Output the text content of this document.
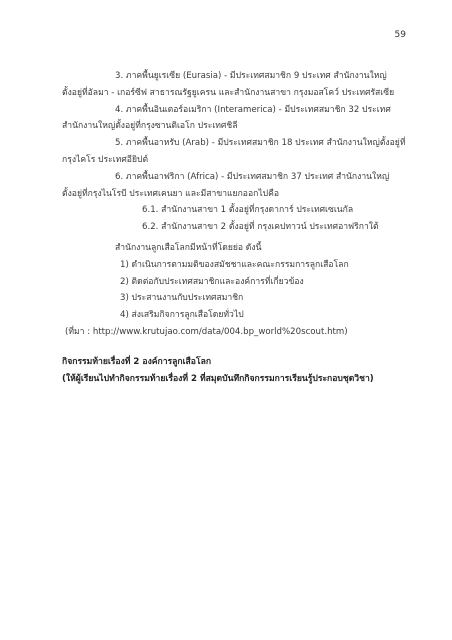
59
3. ภาคพื้นยูเรเซีย (Eurasia) - มีประเทศสมาชิก 9 ประเทศ สำนักงานใหญ่
ตั้งอยู่ที่อัลมา - เกอร์ซีฟ สาธารณรัฐยูเครน และสำนักงานสาขา กรุงมอสโคว์ ประเทศรัสเซีย
4. ภาคพื้นอินเตอร์อเมริกา (Interamerica) - มีประเทศสมาชิก 32 ประเทศ
สำนักงานใหญ่ตั้งอยู่ที่กรุงซานติเอโก ประเทศชิลี
5. ภาคพื้นอาหรับ (Arab) - มีประเทศสมาชิก 18 ประเทศ สำนักงานใหญ่ตั้งอยู่ที่
กรุงไคโร ประเทศอียิปต์
6. ภาคพื้นอาฟริกา (Africa) - มีประเทศสมาชิก 37 ประเทศ สำนักงานใหญ่
ตั้งอยู่ที่กรุงไนโรบี ประเทศเคนยา และมีสาขาแยกออกไปคือ
6.1. สำนักงานสาขา 1 ตั้งอยู่ที่กรุงดาการ์ ประเทศเซเนกัล
6.2. สำนักงานสาขา 2 ตั้งอยู่ที่ กรุงเคปทาวน์ ประเทศอาฟริกาใต้
สำนักงานลูกเสือโลกมีหน้าที่โดยย่อ ดังนี้
1) ดำเนินการตามมติของสมัชชาและคณะกรรมการลูกเสือโลก
2) ติดต่อกับประเทศสมาชิกและองค์การที่เกี่ยวข้อง
3) ประสานงานกับประเทศสมาชิก
4) ส่งเสริมกิจการลูกเสือโดยทั่วไป
(ที่มา : http://www.krutujao.com/data/004.bp_world%20scout.htm)
กิจกรรมท้ายเรื่องที่ 2 องค์การลูกเสือโลก
(ให้ผู้เรียนไปทำกิจกรรมท้ายเรื่องที่ 2 ที่สมุดบันทึกกิจกรรมการเรียนรู้ประกอบชุดวิชา)
